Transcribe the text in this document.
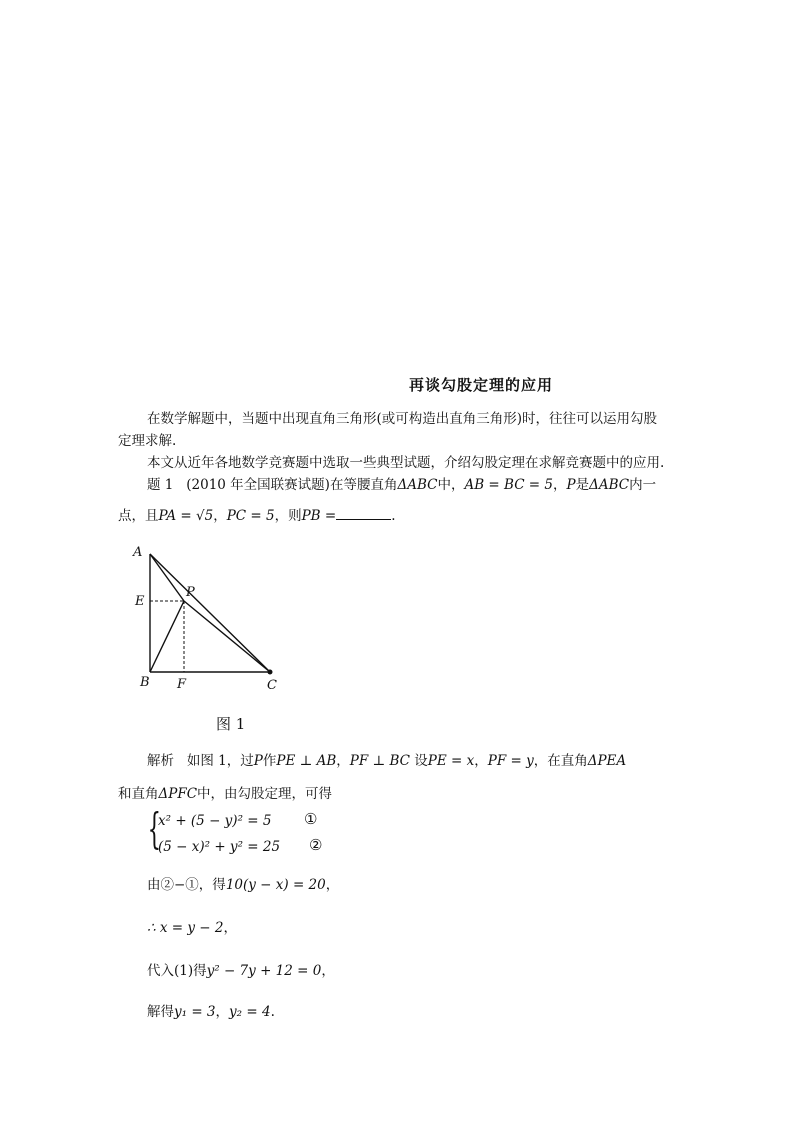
再谈勾股定理的应用
在数学解题中，当题中出现直角三角形(或可构造出直角三角形)时，往往可以运用勾股
定理求解.
本文从近年各地数学竞赛题中选取一些典型试题，介绍勾股定理在求解竞赛题中的应用.
题 1 (2010 年全国联赛试题)在等腰直角ΔABC中，AB = BC = 5，P是ΔABC内一
点，且PA = √5，PC = 5，则PB =	.
A
E
P
B F	C
图 1
解析 如图 1，过P作PE ⊥ AB，PF ⊥ BC 设PE = x，PF = y，在直角ΔPEA
和直角ΔPFC中，由勾股定理，可得
{
x² + (5 − y)² = 5 ①
(5 − x)² + y² = 25 ②
由②−①，得10(y − x) = 20，
∴ x = y − 2，
代入(1)得y² − 7y + 12 = 0，
解得y₁ = 3，y₂ = 4.
